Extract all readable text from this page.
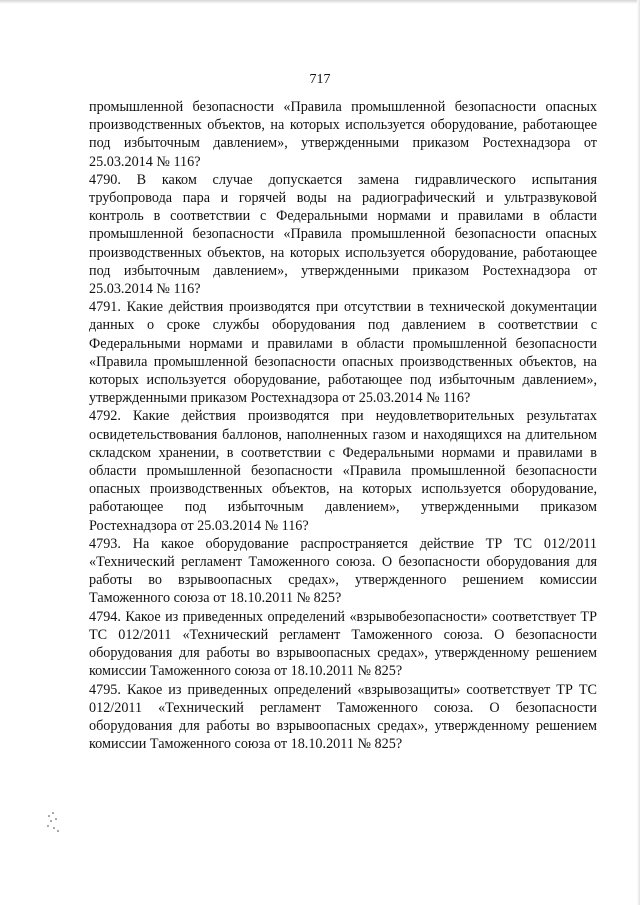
717

промышленной безопасности «Правила промышленной безопасности опасных производственных объектов, на которых используется оборудование, работающее под избыточным давлением», утвержденными приказом Ростехнадзора от 25.03.2014 № 116?

4790. В каком случае допускается замена гидравлического испытания трубопровода пара и горячей воды на радиографический и ультразвуковой контроль в соответствии с Федеральными нормами и правилами в области промышленной безопасности «Правила промышленной безопасности опасных производственных объектов, на которых используется оборудование, работающее под избыточным давлением», утвержденными приказом Ростехнадзора от 25.03.2014 № 116?

4791. Какие действия производятся при отсутствии в технической документации данных о сроке службы оборудования под давлением в соответствии с Федеральными нормами и правилами в области промышленной безопасности «Правила промышленной безопасности опасных производственных объектов, на которых используется оборудование, работающее под избыточным давлением», утвержденными приказом Ростехнадзора от 25.03.2014 № 116?

4792. Какие действия производятся при неудовлетворительных результатах освидетельствования баллонов, наполненных газом и находящихся на длительном складском хранении, в соответствии с Федеральными нормами и правилами в области промышленной безопасности «Правила промышленной безопасности опасных производственных объектов, на которых используется оборудование, работающее под избыточным давлением», утвержденными приказом Ростехнадзора от 25.03.2014 № 116?

4793. На какое оборудование распространяется действие ТР ТС 012/2011 «Технический регламент Таможенного союза. О безопасности оборудования для работы во взрывоопасных средах», утвержденного решением комиссии Таможенного союза от 18.10.2011 № 825?

4794. Какое из приведенных определений «взрывобезопасности» соответствует ТР ТС 012/2011 «Технический регламент Таможенного союза. О безопасности оборудования для работы во взрывоопасных средах», утвержденному решением комиссии Таможенного союза от 18.10.2011 № 825?

4795. Какое из приведенных определений «взрывозащиты» соответствует ТР ТС 012/2011 «Технический регламент Таможенного союза. О безопасности оборудования для работы во взрывоопасных средах», утвержденному решением комиссии Таможенного союза от 18.10.2011 № 825?
